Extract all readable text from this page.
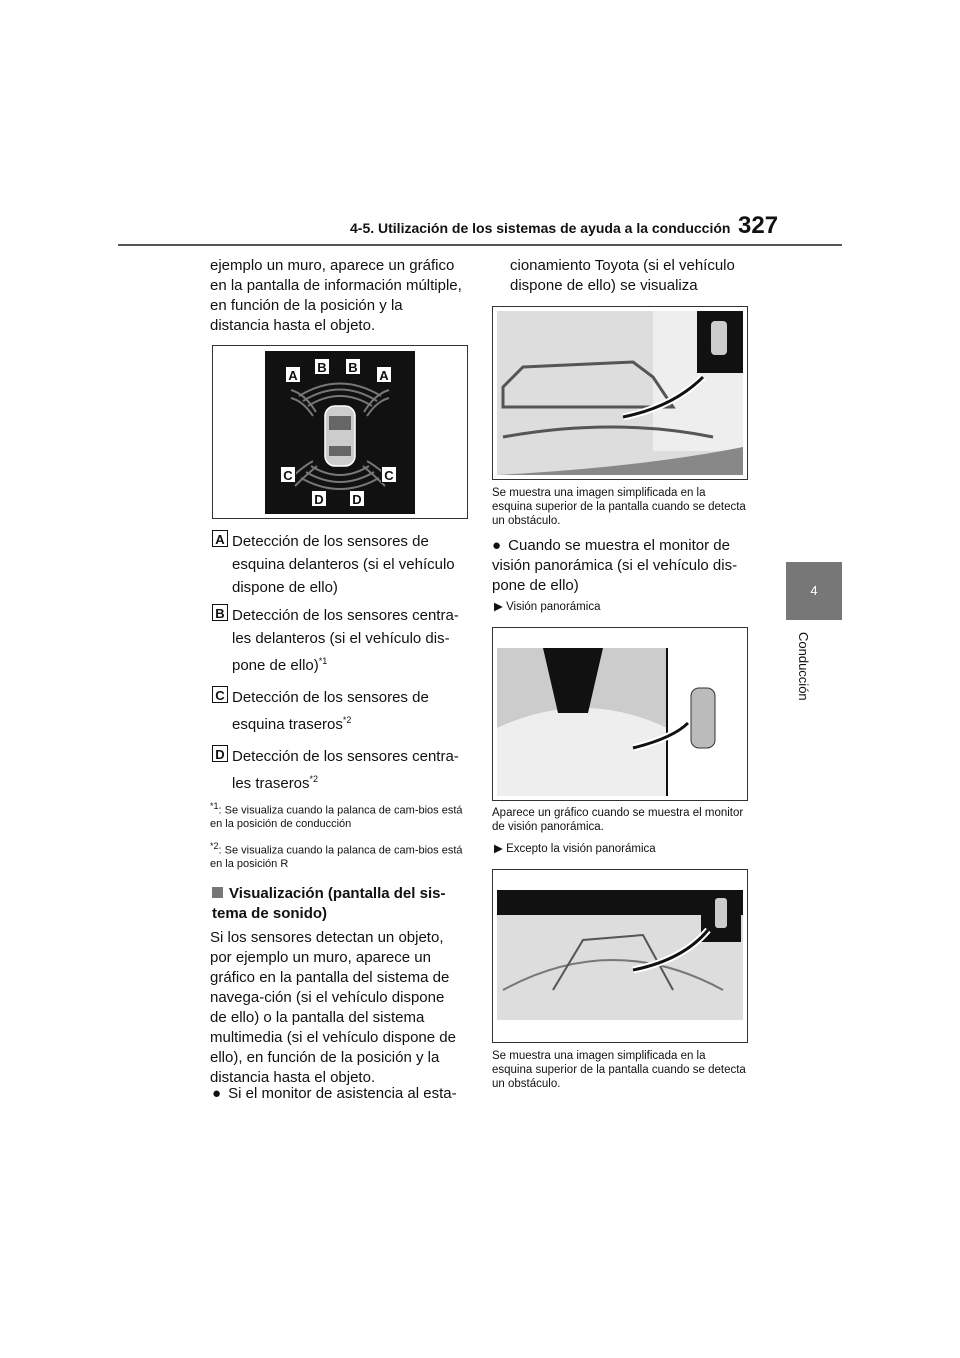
4-5. Utilización de los sistemas de ayuda a la conducción 327
4
Conducción
ejemplo un muro, aparece un gráfico en la pantalla de información múltiple, en función de la posición y la distancia hasta el objeto.
A
B B
A
C	C
D D
A Detección de los sensores de esquina delanteros (si el vehículo dispone de ello)
B Detección de los sensores centra-les delanteros (si el vehículo dis-pone de ello)$^{*1}$
C Detección de los sensores de esquina traseros$^{*2}$
D Detección de los sensores centra-les traseros$^{*2}$
$^{*1}$: Se visualiza cuando la palanca de cam-bios está en la posición de conducción
$^{*2}$: Se visualiza cuando la palanca de cam-bios está en la posición R
Visualización (pantalla del sis-tema de sonido)
Si los sensores detectan un objeto, por ejemplo un muro, aparece un gráfico en la pantalla del sistema de navega-ción (si el vehículo dispone de ello) o la pantalla del sistema multimedia (si el vehículo dispone de ello), en función de la posición y la distancia hasta el objeto.
● Si el monitor de asistencia al esta-
cionamiento Toyota (si el vehículo dispone de ello) se visualiza
Se muestra una imagen simplificada en la esquina superior de la pantalla cuando se detecta un obstáculo.
● Cuando se muestra el monitor de visión panorámica (si el vehículo dis-pone de ello)
▶ Visión panorámica
Aparece un gráfico cuando se muestra el monitor de visión panorámica.
▶ Excepto la visión panorámica
Se muestra una imagen simplificada en la esquina superior de la pantalla cuando se detecta un obstáculo.
